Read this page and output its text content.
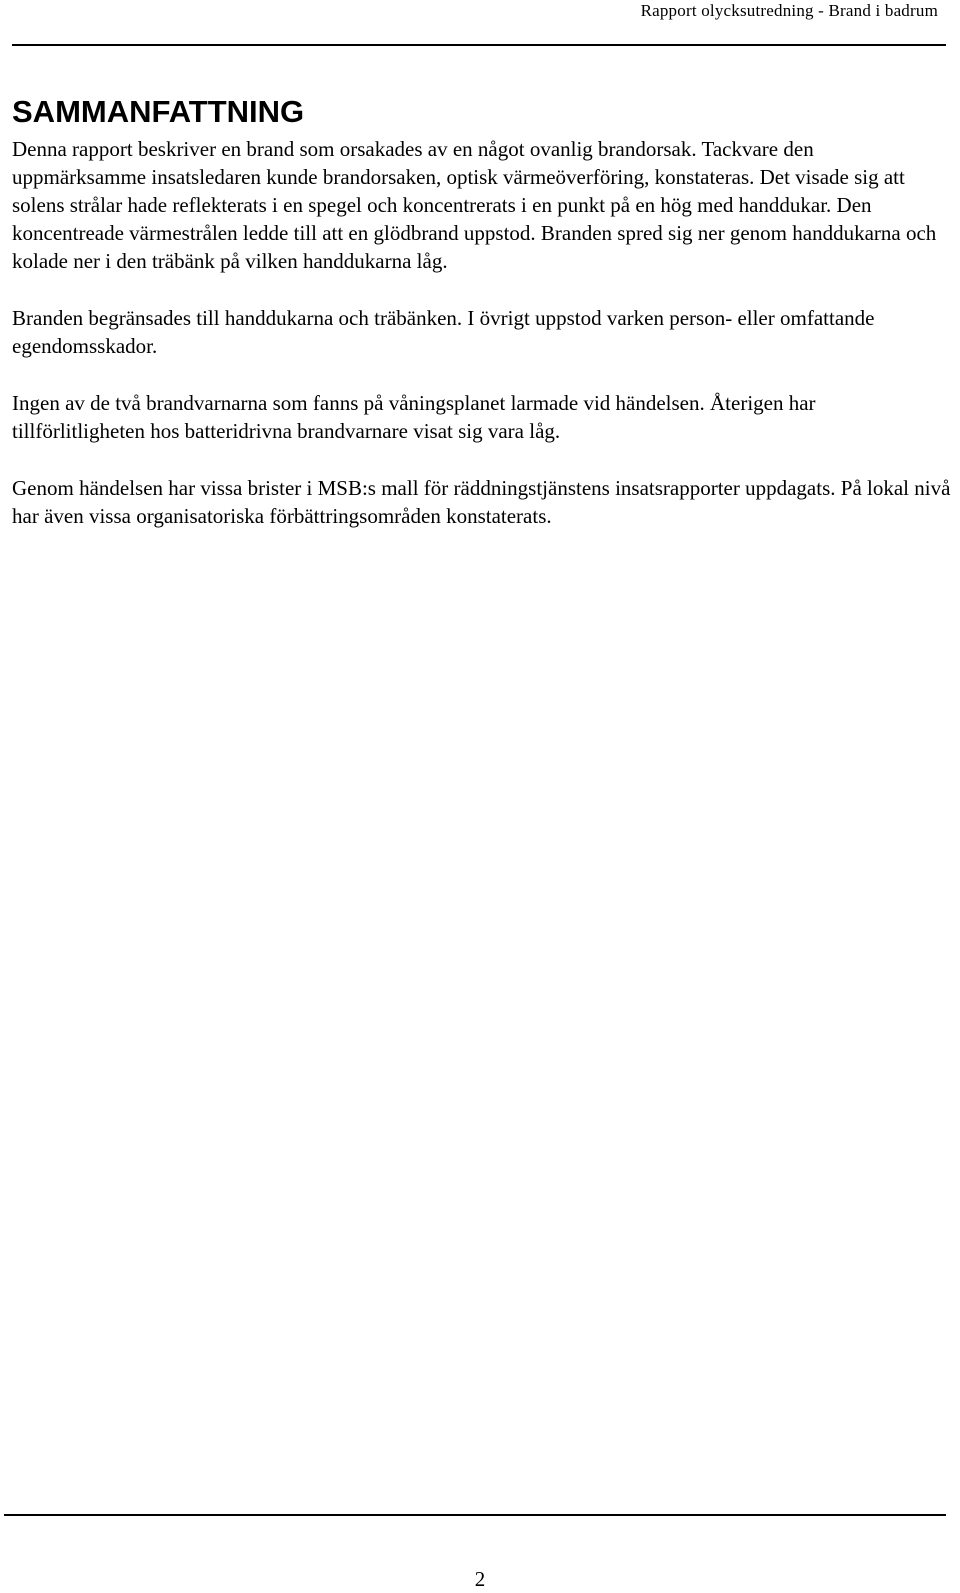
Rapport olycksutredning - Brand i badrum
SAMMANFATTNING

Denna rapport beskriver en brand som orsakades av en något ovanlig brandorsak. Tackvare den uppmärksamme insatsledaren kunde brandorsaken, optisk värmeöverföring, konstateras. Det visade sig att solens strålar hade reflekterats i en spegel och koncentrerats i en punkt på en hög med handdukar. Den koncentreade värmestrålen ledde till att en glödbrand uppstod. Branden spred sig ner genom handdukarna och kolade ner i den träbänk på vilken handdukarna låg.

Branden begränsades till handdukarna och träbänken. I övrigt uppstod varken person- eller omfattande egendomsskador.

Ingen av de två brandvarnarna som fanns på våningsplanet larmade vid händelsen. Återigen har tillförlitligheten hos batteridrivna brandvarnare visat sig vara låg.

Genom händelsen har vissa brister i MSB:s mall för räddningstjänstens insatsrapporter uppdagats. På lokal nivå har även vissa organisatoriska förbättringsområden konstaterats.

2
